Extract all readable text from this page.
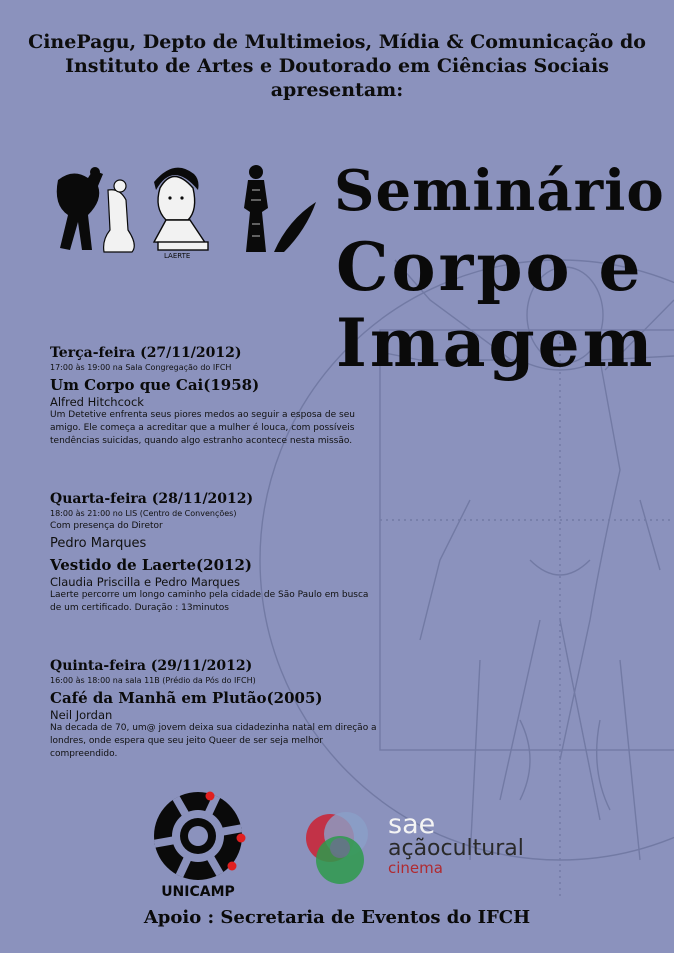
CinePagu, Depto de Multimeios, Mídia & Comunicação do
Instituto de Artes e Doutorado em Ciências Sociais
apresentam:
LAERTE
Seminário
Corpo e
Imagem
Terça-feira (27/11/2012)
17:00 às 19:00 na Sala Congregação do IFCH
Um Corpo que Cai(1958)
Alfred Hitchcock
Um Detetive enfrenta seus piores medos ao seguir a esposa de seu amigo. Ele começa a acreditar que a mulher é louca, com possíveis tendências suicidas, quando algo estranho acontece nesta missão.
Quarta-feira (28/11/2012)
18:00 às 21:00 no LIS (Centro de Convenções)
Com presença do Diretor
Pedro Marques
Vestido de Laerte(2012)
Claudia Priscilla e Pedro Marques
Laerte percorre um longo caminho pela cidade de São Paulo em busca de um certificado. Duração : 13minutos
Quinta-feira (29/11/2012)
16:00 às 18:00 na sala 11B (Prédio da Pós do IFCH)
Café da Manhã em Plutão(2005)
Neil Jordan
Na decada de 70, um@ jovem deixa sua cidadezinha natal em direção a londres, onde espera que seu jeito Queer de ser seja melhor compreendido.
UNICAMP
sae
açãocultural
cinema
Apoio : Secretaria de Eventos do IFCH
